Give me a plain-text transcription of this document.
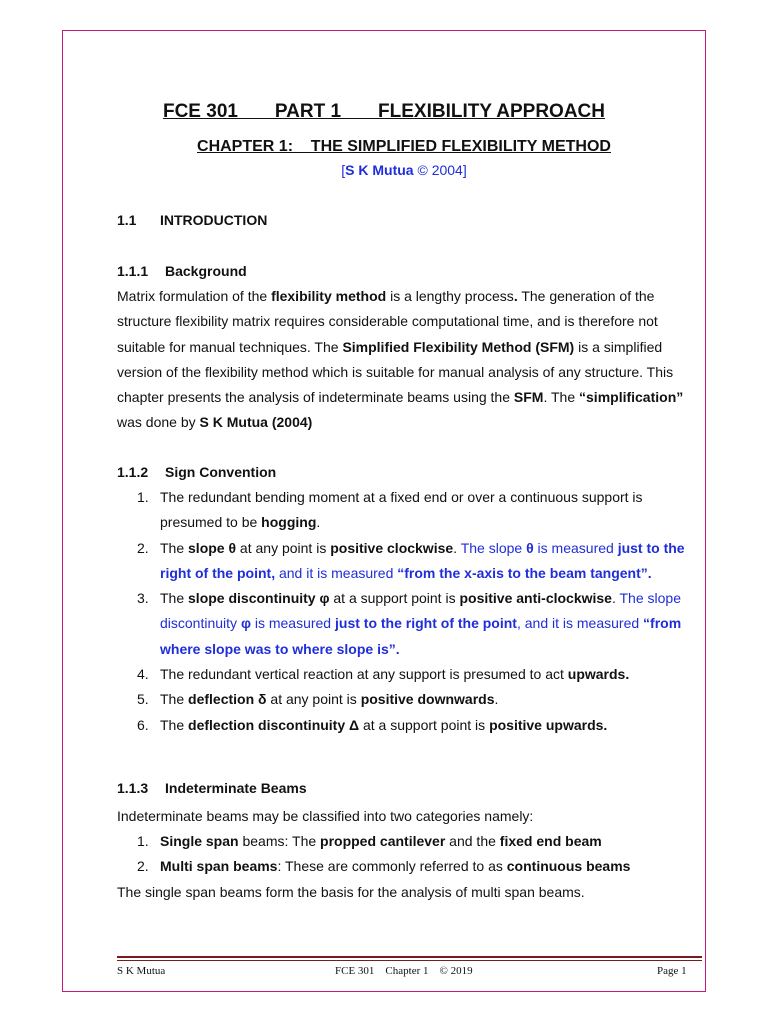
FCE 301       PART 1       FLEXIBILITY APPROACH
CHAPTER 1:    THE SIMPLIFIED FLEXIBILITY METHOD

[S K Mutua © 2004]

1.1 INTRODUCTION
1.1.1 Background

Matrix formulation of the flexibility method is a lengthy process. The generation of the structure flexibility matrix requires considerable computational time, and is therefore not suitable for manual techniques. The Simplified Flexibility Method (SFM) is a simplified version of the flexibility method which is suitable for manual analysis of any structure. This chapter presents the analysis of indeterminate beams using the SFM. The “simplification” was done by S K Mutua (2004)

1.1.2 Sign Convention
1. The redundant bending moment at a fixed end or over a continuous support is presumed to be hogging.
2. The slope θ at any point is positive clockwise. The slope θ is measured just to the right of the point, and it is measured “from the x-axis to the beam tangent”.
3. The slope discontinuity φ at a support point is positive anti-clockwise. The slope discontinuity φ is measured just to the right of the point, and it is measured “from where slope was to where slope is”.
4. The redundant vertical reaction at any support is presumed to act upwards.
5. The deflection δ at any point is positive downwards.
6. The deflection discontinuity Δ at a support point is positive upwards.
1.1.3 Indeterminate Beams

Indeterminate beams may be classified into two categories namely:

1. Single span beams: The propped cantilever and the fixed end beam
2. Multi span beams: These are commonly referred to as continuous beams

The single span beams form the basis for the analysis of multi span beams.

S K Mutua	FCE 301    Chapter 1    © 2019	Page 1
